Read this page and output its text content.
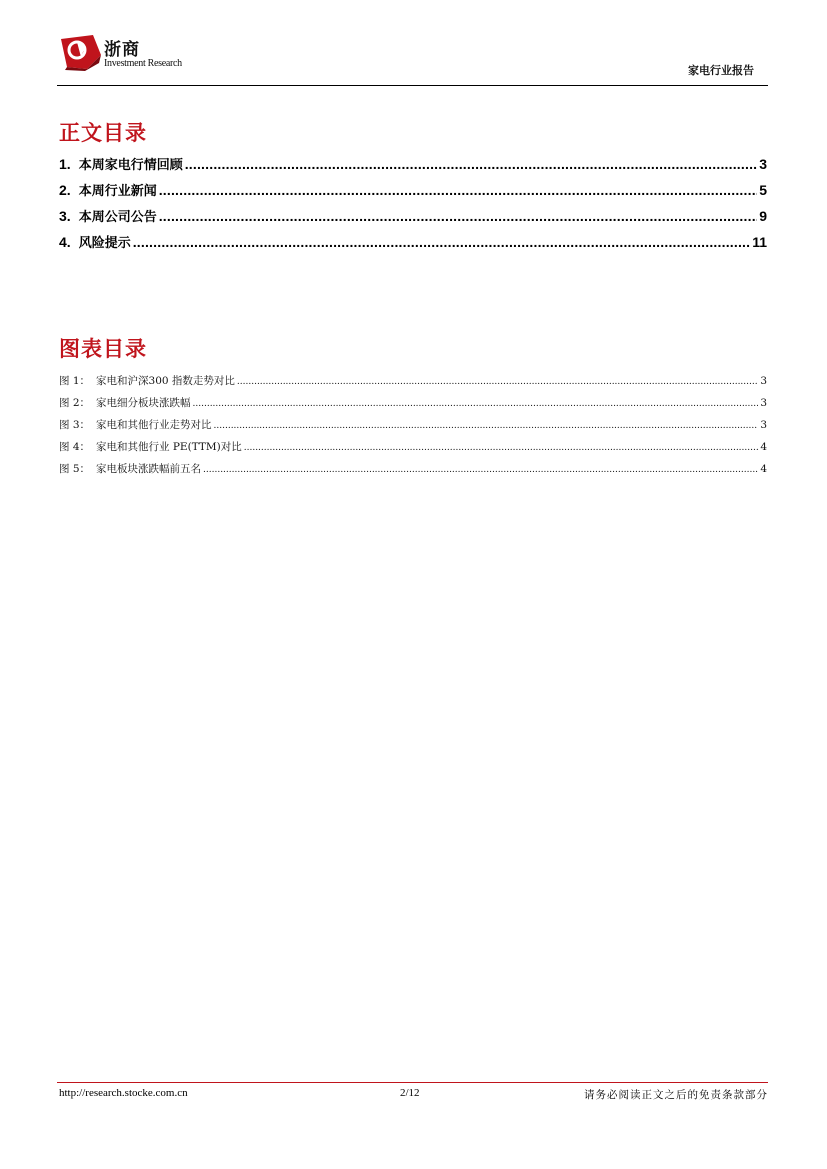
浙商
Investment Research
家电行业报告
正文目录
1. 本周家电行情回顾 .....	3
2. 本周行业新闻 .....	5
3. 本周公司公告 .....	9
4. 风险提示 .....	11
图表目录
图 1： 家电和沪深300 指数走势对比 .....	3
图 2： 家电细分板块涨跌幅 .....	3
图 3： 家电和其他行业走势对比 .....	3
图 4： 家电和其他行业 PE(TTM)对比 .....	4
图 5： 家电板块涨跌幅前五名 .....	4
http://research.stocke.com.cn	2/12	请务必阅读正文之后的免责条款部分
